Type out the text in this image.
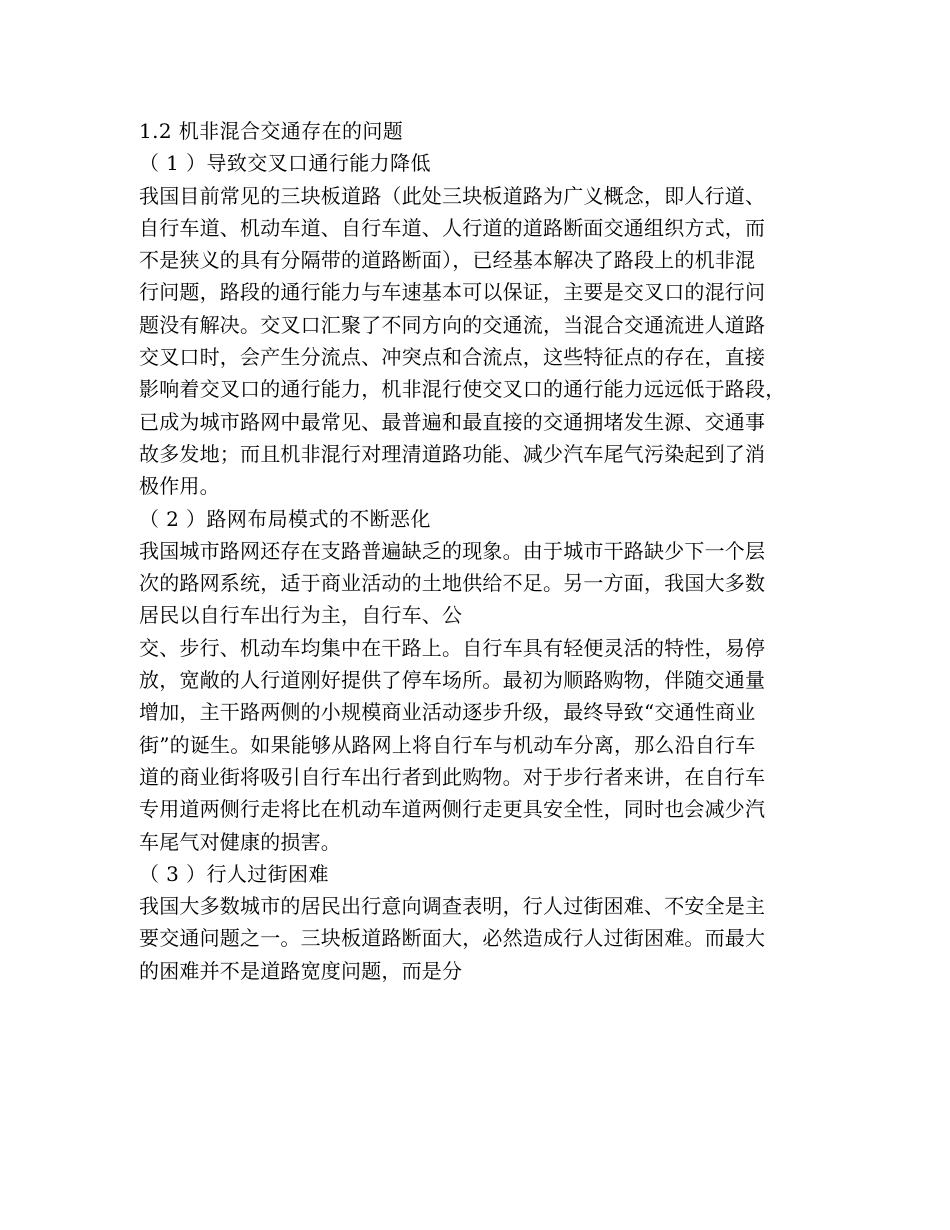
1.2 机非混合交通存在的问题
（ 1 ）导致交叉口通行能力降低
我国目前常见的三块板道路（此处三块板道路为广义概念，即人行道、
自行车道、机动车道、自行车道、人行道的道路断面交通组织方式，而
不是狭义的具有分隔带的道路断面），已经基本解决了路段上的机非混
行问题，路段的通行能力与车速基本可以保证，主要是交叉口的混行问
题没有解决。交叉口汇聚了不同方向的交通流，当混合交通流进人道路
交叉口时，会产生分流点、冲突点和合流点，这些特征点的存在，直接
影响着交叉口的通行能力，机非混行使交叉口的通行能力远远低于路段，
已成为城市路网中最常见、最普遍和最直接的交通拥堵发生源、交通事
故多发地；而且机非混行对理清道路功能、减少汽车尾气污染起到了消
极作用。
（ 2 ）路网布局模式的不断恶化
我国城市路网还存在支路普遍缺乏的现象。由于城市干路缺少下一个层
次的路网系统，适于商业活动的土地供给不足。另一方面，我国大多数
居民以自行车出行为主，自行车、公
交、步行、机动车均集中在干路上。自行车具有轻便灵活的特性，易停
放，宽敞的人行道刚好提供了停车场所。最初为顺路购物，伴随交通量
增加，主干路两侧的小规模商业活动逐步升级，最终导致“交通性商业
街”的诞生。如果能够从路网上将自行车与机动车分离，那么沿自行车
道的商业街将吸引自行车出行者到此购物。对于步行者来讲，在自行车
专用道两侧行走将比在机动车道两侧行走更具安全性，同时也会减少汽
车尾气对健康的损害。
（ 3 ）行人过街困难
我国大多数城市的居民出行意向调查表明，行人过街困难、不安全是主
要交通问题之一。三块板道路断面大，必然造成行人过街困难。而最大
的困难并不是道路宽度问题，而是分
